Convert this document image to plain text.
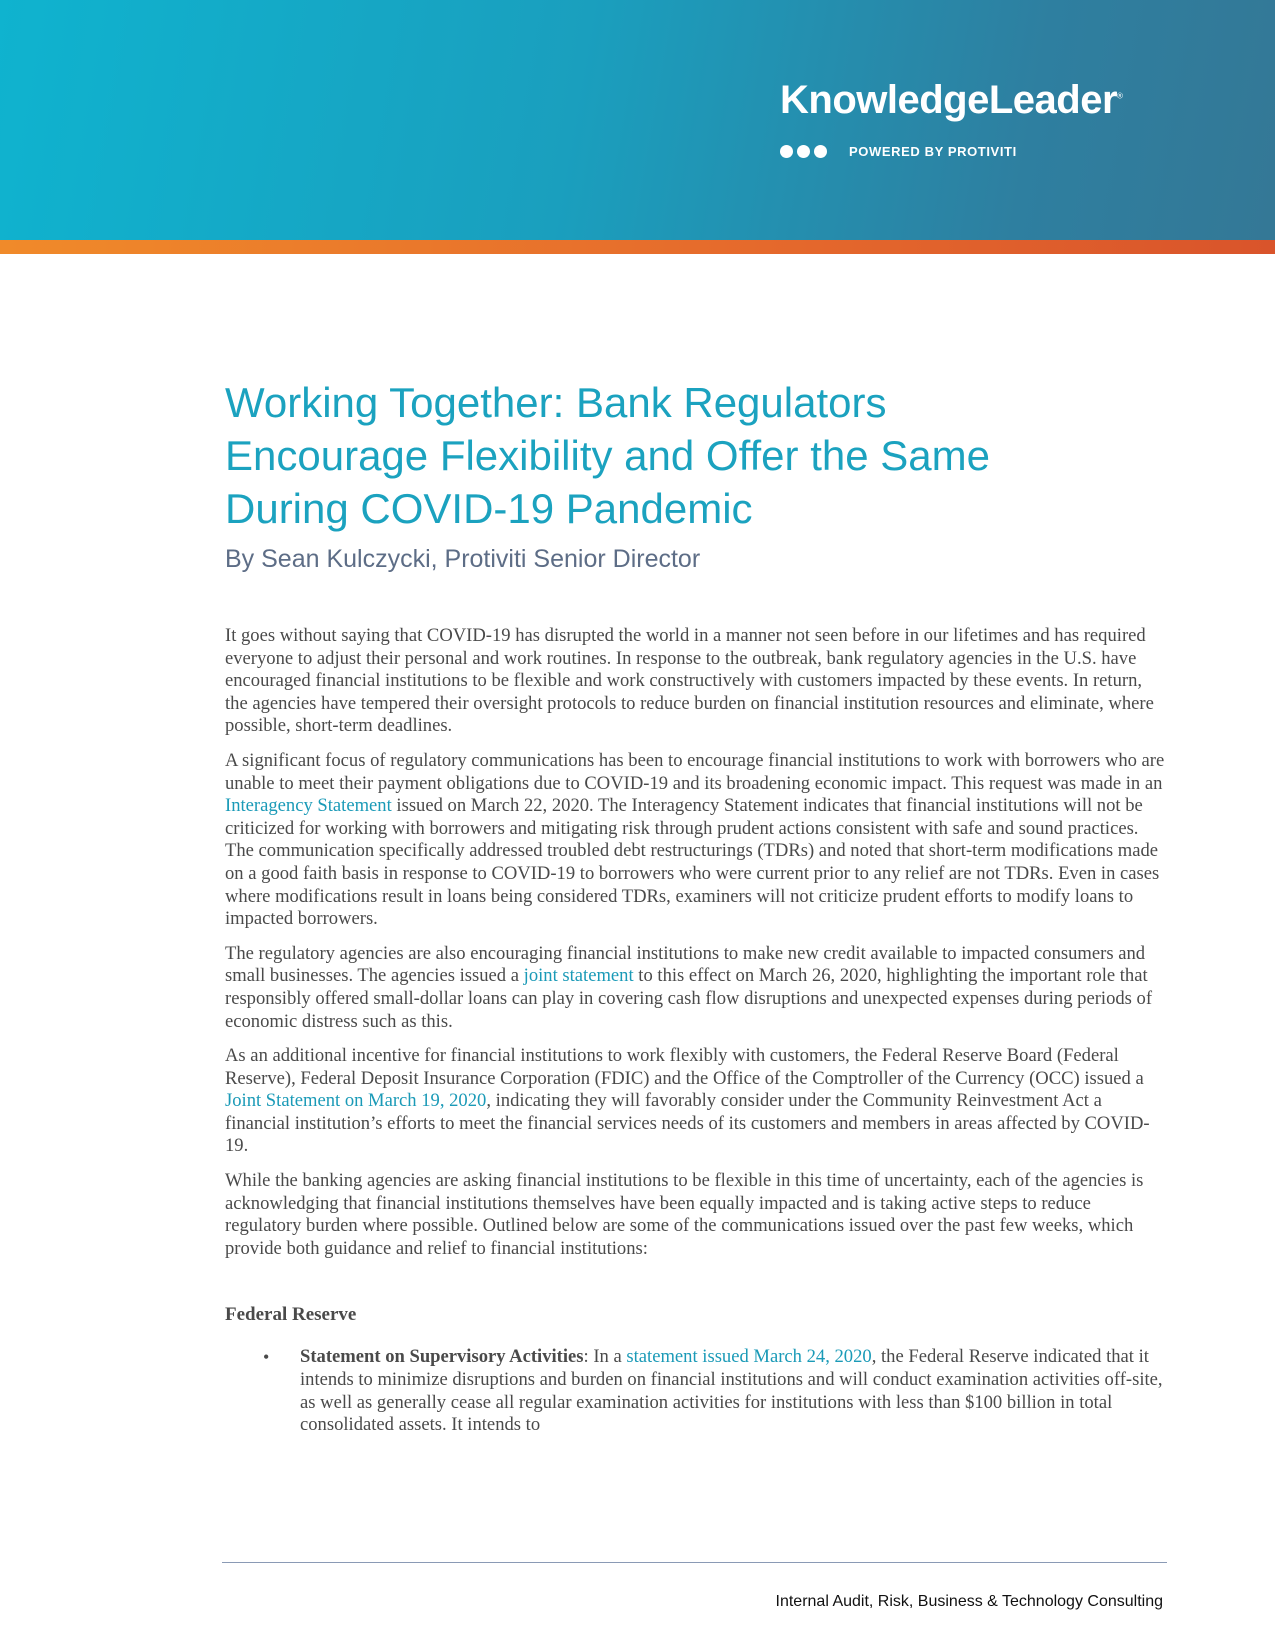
KnowledgeLeader®
POWERED BY PROTIVITI
Working Together: Bank Regulators
Encourage Flexibility and Offer the Same
During COVID-19 Pandemic

By Sean Kulczycki, Protiviti Senior Director

It goes without saying that COVID-19 has disrupted the world in a manner not seen before in our lifetimes and has required everyone to adjust their personal and work routines. In response to the outbreak, bank regulatory agencies in the U.S. have encouraged financial institutions to be flexible and work constructively with customers impacted by these events. In return, the agencies have tempered their oversight protocols to reduce burden on financial institution resources and eliminate, where possible, short-term deadlines.

A significant focus of regulatory communications has been to encourage financial institutions to work with borrowers who are unable to meet their payment obligations due to COVID-19 and its broadening economic impact. This request was made in an Interagency Statement issued on March 22, 2020. The Interagency Statement indicates that financial institutions will not be criticized for working with borrowers and mitigating risk through prudent actions consistent with safe and sound practices. The communication specifically addressed troubled debt restructurings (TDRs) and noted that short-term modifications made on a good faith basis in response to COVID-19 to borrowers who were current prior to any relief are not TDRs. Even in cases where modifications result in loans being considered TDRs, examiners will not criticize prudent efforts to modify loans to impacted borrowers.

The regulatory agencies are also encouraging financial institutions to make new credit available to impacted consumers and small businesses. The agencies issued a joint statement to this effect on March 26, 2020, highlighting the important role that responsibly offered small-dollar loans can play in covering cash flow disruptions and unexpected expenses during periods of economic distress such as this.

As an additional incentive for financial institutions to work flexibly with customers, the Federal Reserve Board (Federal Reserve), Federal Deposit Insurance Corporation (FDIC) and the Office of the Comptroller of the Currency (OCC) issued a Joint Statement on March 19, 2020, indicating they will favorably consider under the Community Reinvestment Act a financial institution’s efforts to meet the financial services needs of its customers and members in areas affected by COVID-19.

While the banking agencies are asking financial institutions to be flexible in this time of uncertainty, each of the agencies is acknowledging that financial institutions themselves have been equally impacted and is taking active steps to reduce regulatory burden where possible. Outlined below are some of the communications issued over the past few weeks, which provide both guidance and relief to financial institutions:

Federal Reserve
• Statement on Supervisory Activities: In a statement issued March 24, 2020, the Federal Reserve indicated that it intends to minimize disruptions and burden on financial institutions and will conduct examination activities off-site, as well as generally cease all regular examination activities for institutions with less than $100 billion in total consolidated assets. It intends to
Internal Audit, Risk, Business & Technology Consulting
